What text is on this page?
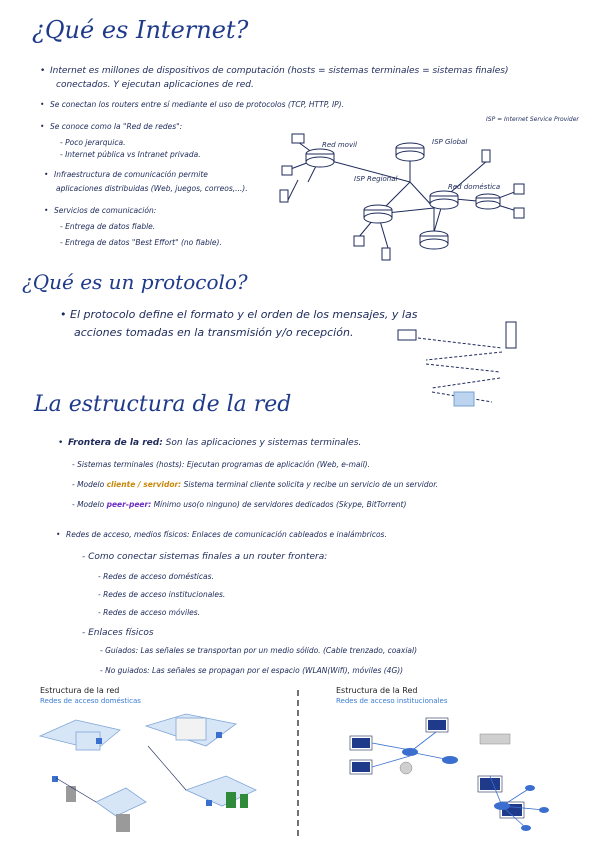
¿Qué es Internet?
• Internet es millones de dispositivos de computación (hosts = sistemas terminales = sistemas finales)
conectados. Y ejecutan aplicaciones de red.
• Se conectan los routers entre sí mediante el uso de protocolos (TCP, HTTP, IP).
• Se conoce como la "Red de redes":
- Poco jerarquica.
- Internet pública vs Intranet privada.
• Infraestructura de comunicación permite
aplicaciones distribuidas (Web, juegos, correos,...).
• Servicios de comunicación:
- Entrega de datos fiable.
- Entrega de datos "Best Effort" (no fiable).
ISP = Internet Service Provider
Red movil	ISP Global
ISP Regional
Red doméstica
¿Qué es un protocolo?
• El protocolo define el formato y el orden de los mensajes, y las
acciones tomadas en la transmisión y/o recepción.
La estructura de la red
• Frontera de la red: Son las aplicaciones y sistemas terminales.
- Sistemas terminales (hosts): Ejecutan programas de aplicación (Web, e-mail).
- Modelo cliente / servidor: Sistema terminal cliente solicita y recibe un servicio de un servidor.
- Modelo peer-peer: Mínimo uso(o ninguno) de servidores dedicados (Skype, BitTorrent)
• Redes de acceso, medios físicos: Enlaces de comunicación cableados e inalámbricos.
- Como conectar sistemas finales a un router frontera:
- Redes de acceso domésticas.
- Redes de acceso institucionales.
- Redes de acceso móviles.
- Enlaces físicos
- Guiados: Las señales se transportan por un medio sólido. (Cable trenzado, coaxial)
- No guiados: Las señales se propagan por el espacio (WLAN(Wifi), móviles (4G))
Estructura de la red
Redes de acceso domésticas
Estructura de la Red
Redes de acceso institucionales
